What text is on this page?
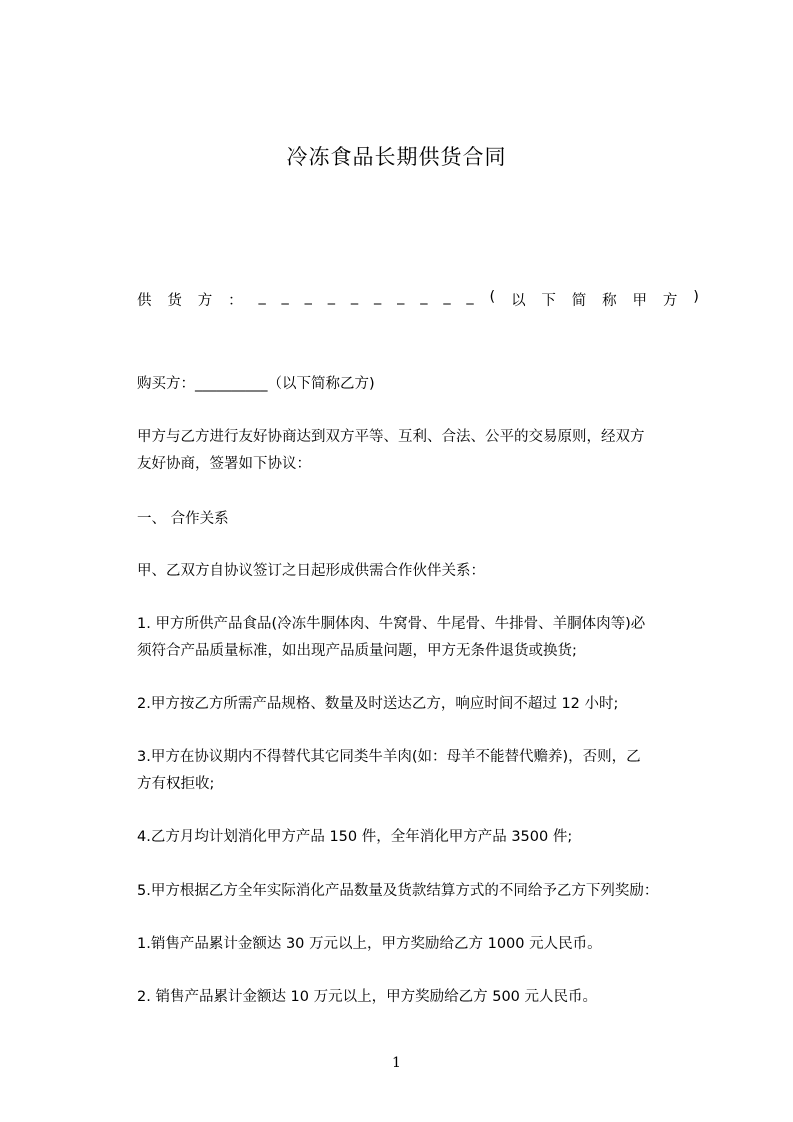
冷冻食品长期供货合同
供 货 方 ： _ _ _ _ _ _ _ _ _ _ ( 以 下 简 称 甲 方 )
购买方：__________（以下简称乙方)
甲方与乙方进行友好协商达到双方平等、互利、合法、公平的交易原则，经双方
友好协商，签署如下协议：
一、 合作关系
甲、乙双方自协议签订之日起形成供需合作伙伴关系：
1. 甲方所供产品食品(冷冻牛胴体肉、牛窝骨、牛尾骨、牛排骨、羊胴体肉等)必
须符合产品质量标准，如出现产品质量问题，甲方无条件退货或换货;
2.甲方按乙方所需产品规格、数量及时送达乙方，响应时间不超过 12 小时;
3.甲方在协议期内不得替代其它同类牛羊肉(如：母羊不能替代赡养)，否则，乙
方有权拒收;
4.乙方月均计划消化甲方产品 150 件，全年消化甲方产品 3500 件;
5.甲方根据乙方全年实际消化产品数量及货款结算方式的不同给予乙方下列奖励：
1.销售产品累计金额达 30 万元以上，甲方奖励给乙方 1000 元人民币。
2. 销售产品累计金额达 10 万元以上，甲方奖励给乙方 500 元人民币。
1
